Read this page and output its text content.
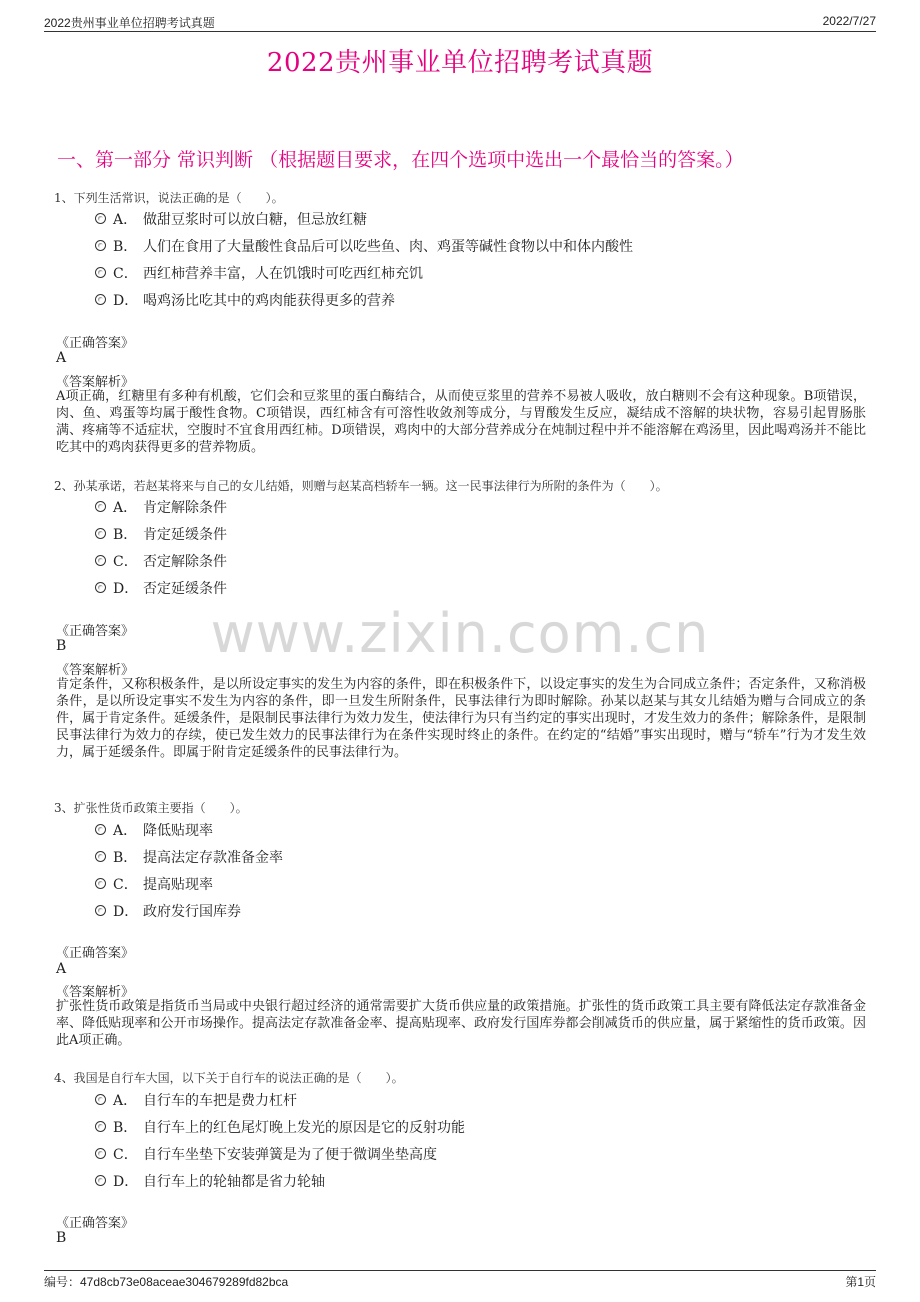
2022贵州事业单位招聘考试真题	2022/7/27
2022贵州事业单位招聘考试真题
一、第一部分 常识判断 （根据题目要求，在四个选项中选出一个最恰当的答案。）
www.zixin.com.cn
1、下列生活常识，说法正确的是（　　）。
A． 做甜豆浆时可以放白糖，但忌放红糖
B． 人们在食用了大量酸性食品后可以吃些鱼、肉、鸡蛋等碱性食物以中和体内酸性
C． 西红柿营养丰富，人在饥饿时可吃西红柿充饥
D． 喝鸡汤比吃其中的鸡肉能获得更多的营养
《正确答案》
A
《答案解析》
A项正确，红糖里有多种有机酸，它们会和豆浆里的蛋白酶结合，从而使豆浆里的营养不易被人吸收，放白糖则不会有这种现象。B项错误，肉、鱼、鸡蛋等均属于酸性食物。C项错误，西红柿含有可溶性收敛剂等成分，与胃酸发生反应，凝结成不溶解的块状物，容易引起胃肠胀满、疼痛等不适症状，空腹时不宜食用西红柿。D项错误，鸡肉中的大部分营养成分在炖制过程中并不能溶解在鸡汤里，因此喝鸡汤并不能比吃其中的鸡肉获得更多的营养物质。
2、孙某承诺，若赵某将来与自己的女儿结婚，则赠与赵某高档轿车一辆。这一民事法律行为所附的条件为（　　）。
A． 肯定解除条件
B． 肯定延缓条件
C． 否定解除条件
D． 否定延缓条件
《正确答案》
B
《答案解析》
肯定条件，又称积极条件，是以所设定事实的发生为内容的条件，即在积极条件下，以设定事实的发生为合同成立条件；否定条件，又称消极条件，是以所设定事实不发生为内容的条件，即一旦发生所附条件，民事法律行为即时解除。孙某以赵某与其女儿结婚为赠与合同成立的条件，属于肯定条件。延缓条件，是限制民事法律行为效力发生，使法律行为只有当约定的事实出现时，才发生效力的条件；解除条件，是限制民事法律行为效力的存续，使已发生效力的民事法律行为在条件实现时终止的条件。在约定的“结婚”事实出现时，赠与“轿车”行为才发生效力，属于延缓条件。即属于附肯定延缓条件的民事法律行为。
3、扩张性货币政策主要指（　　）。
A． 降低贴现率
B． 提高法定存款准备金率
C． 提高贴现率
D． 政府发行国库券
《正确答案》
A
《答案解析》
扩张性货币政策是指货币当局或中央银行超过经济的通常需要扩大货币供应量的政策措施。扩张性的货币政策工具主要有降低法定存款准备金率、降低贴现率和公开市场操作。提高法定存款准备金率、提高贴现率、政府发行国库券都会削减货币的供应量，属于紧缩性的货币政策。因此A项正确。
4、我国是自行车大国，以下关于自行车的说法正确的是（　　）。
A． 自行车的车把是费力杠杆
B． 自行车上的红色尾灯晚上发光的原因是它的反射功能
C． 自行车坐垫下安装弹簧是为了便于微调坐垫高度
D． 自行车上的轮轴都是省力轮轴
《正确答案》
B
编号：47d8cb73e08aceae304679289fd82bca	第1页
